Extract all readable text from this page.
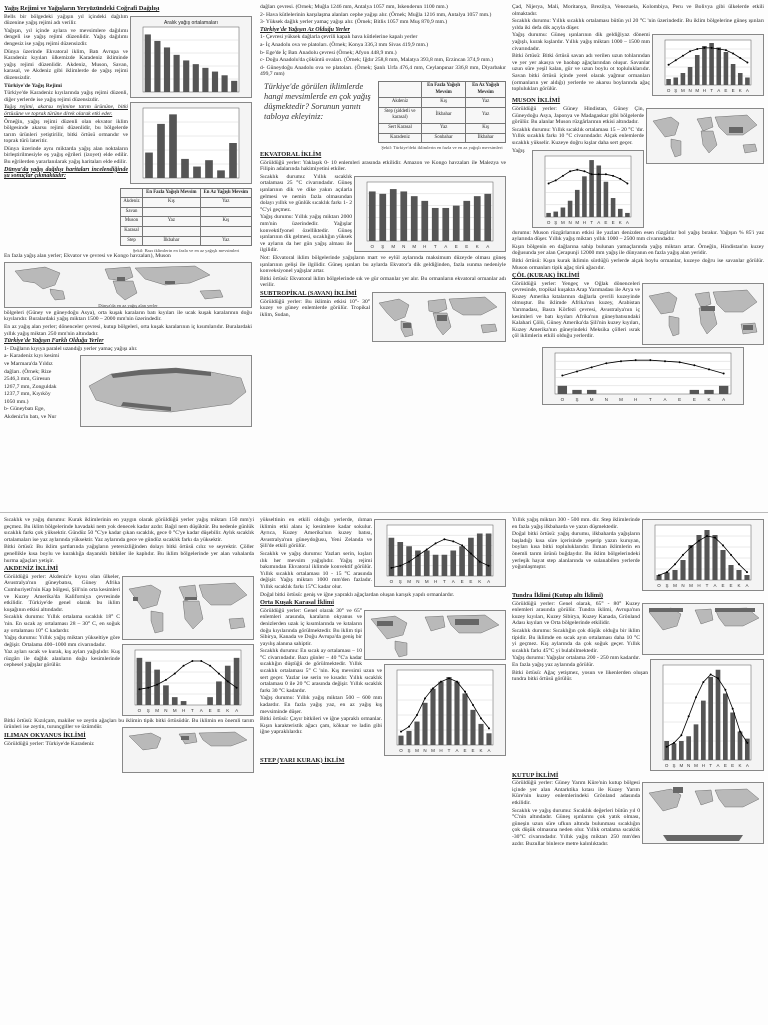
Yağış Rejimi ve Yağışların Yeryüzündeki Coğrafi Dağılışı
Aralık yağış ortalamaları

Bells bir bölgedeki yağışın yıl içindeki dağılım düzenine yağış rejimi adı verilir.

Yağışın, yıl içinde aylara ve mevsimlere dağılımı dengeli ise yağış rejimi düzenlidir. Yağış dağılımı dengesiz ise yağış rejimi düzensizdir.

Dünya üzerinde Ekvatoral iklim, Batı Avrupa ve Karadeniz kıyıları ülkemizde Karadeniz ikliminde yağış rejimi düzenlidir. Akdeniz, Muson, Savan, karasal, ve Akdeniz gibi iklimlerde de yağış rejimi düzensizdir.

Türkiye'de Yağış Rejimi

Türkiye'de Karadeniz kıyılarında yağış rejimi düzenli, diğer yerlerde ise yağış rejimi düzensizdir.

Yağış rejimi, akarsu rejimine tarım ürününe, bitki örtüsüne ve toprak türüne direk olarak etki eder.

Örneğin, yağış rejimi düzenli olan ekvator iklim bölgesinde akarsu rejimi düzenlidir, bu bölgelerde tarım ürünleri yetiştirilir, bitki örtüsü ormandır ve toprak türü lateritir.

	En Fazla Yağışlı Mevsim	En Az Yağışlı Mevsim
Akdeniz	Kış	Yaz
Savan		
Muson	Yaz	Kış
Karasal		
Step	İlkbahar	Yaz
Şekil: Bazı iklimlerin en fazla ve en az yağışlı mevsimleri

Dünya üzerinde aynı miktarda yağış alan noktaların birleştirilmesiyle eş yağış eğrileri (izoyet) elde edilir. Bu eğrilerden yararlanılarak yağış haritaları elde edilir.

Dünya'da yağış dağılışı haritaları incelendiğinde şu sonuçlar çıkmaktadır:

En fazla yağış alan yerler; Ekvator ve çevresi ve Kongo havzaları), Muson

Dünya'da en az yağış alan yerler

bölgeleri (Güney ve güneydoğu Asya), orta kuşak karaların batı kıyıları ile ucak kuşak karalarının doğu kıyılarıdır. Buralardaki yağış miktarı 1500 – 2000 mm'nin üzerindedir.

En az yağış alan yerler; dönenceler çevresi, kutup bölgeleri, orta kuşak karalarının iç kısımlarıdır. Buralardaki yıllık yağış miktarı 250 mm'nin altındadır.

Türkiye'de Yağışın Farklı Olduğu Yerler

1- Dağların kıyıya paralel uzandığı yerler yamaç yağışı alır.

a- Karadeniz kıyı kesimi

ve Marmara'da Yıldız

dağları. (Örnek; Rize

2546,3 mm, Giresun

1267,7 mm, Zonguldak

1237,7 mm, Kıyıköy

1050 mm.)

b- Güneybatı Ege,

Akdeniz'in batı, ve Nur

dağları çevresi. (Örnek; Muğla 1246 mm, Antalya 1057 mm, İskenderun 1100 mm.)

2- Hava kütlelerinin karşılaşma alanları cephe yağışı alır. (Örnek; Muğla 1216 mm, Antalya 1057 mm.)

3- Yüksek dağlık yerler yamaç yağışı alır. (Örnek; Bitlis 1057 mm Muş 870,9 mm.)

Türkiye'de Yağışın Az Olduğu Yerler

1- Çevresi yüksek dağlarla çevrili kapalı hava kütlelerine kapalı yerler

a- İç Anadolu ova ve platoları. (Örnek; Konya 336,3 mm Sivas 419,9 mm.)

b- Ege'de İç Batı Anadolu çevresi (Örnek; Afyon 448,9 mm.)

c- Doğu Anadolu'da çöküntü ovaları. (Örnek; Iğdır 258,8 mm, Malatya 393,8 mm, Erzincan 374,9 mm.)

d- Güneydoğu Anadolu ova ve platoları. (Örnek; Şanlı Urfa 476,4 mm, Ceylanpınar 336,8 mm, Diyarbakır 499,7 mm)

Türkiye'de görülen iklimlerde hangi mevsimlerde en çok yağış düşmektedir? Sorunun yanıtı tabloya ekleyiniz:
	En Fazla Yağışlı Mevsim	En Az Yağışlı Mevsim
Akdeniz	Kış	Yaz
Step (şiddetli ve karasal)	İlkbahar	Yaz
Sert Karasal	Yaz	Kış
Karadeniz	Sonbahar	İlkbahar
Şekil: Türkiye'deki iklimlerin en fazla ve en az yağışlı mevsimleri
EKVATORAL İKLİM

Görüldüğü yerler: Yaklaşık 0- 10 enlemleri arasında etkilidir. Amazon ve Kongo havzaları ile Malezya ve Filipin adalarında hakimiyetini etkiler.

O Ş M N M H T A E E K A

Sıcaklık durumu: Yıllık sıcaklık ortalaması 25 °C civarındadır. Güneş ışınlarının dik ve dike yakın açılarla gelmesi ve nemin fazla olmasından dolayı yıllık ve günlük sıcaklık farkı 1- 2 °C'yi geçmez.

Yağış durumu: Yıllık yağış miktarı 2000 mm'nin üzerindedir. Yağışlar konvektifyonel özelliktedir. Güneş ışınlarının dik gelmesi, sıcaklığın yüksek ve ayların da her gün yağış alması ile ilgilidir.

Not: Ekvatoral iklim bölgelerinde yağışların mart ve eylül aylarında maksimum düzeyde olması güneş ışınlarının gelişi ile ilgilidir. Güneş ışınları bu aylarda Ekvator'a dik geldiğinden, fazla ısınma nedeniyle konveksiyonel yağışlar artar.

Bitki örtüsü: Ekvatoral iklim bölgelerinde sık ve gür ormanlar yer alır. Bu ormanların ekvatoral ormanlar adı verilir.

SUBTROPİKAL (SAVAN) İKLİMİ

Görüldüğü yerler: Bu iklimin etkisi 10°- 30° kuzey ve güney enlemlerde görülür. Tropikal iklim, Sudan,

Çad, Nijerya, Mali, Moritanya, Brezilya, Venezuela, Kolombiya, Peru ve Bolivya gibi ülkelerde etkili olmaktadır.

Sıcaklık durumu: Yıllık sıcaklık ortalaması bütün yıl 20 °C 'nin üzerindedir. Bu iklim bölgelerine güneş ışınları yılda iki defa dik açıyla düşer.

O Ş M N M H T A E E K A

Yağış durumu: Güneş ışınlarının dik geldiğiyaz dönemi yağışlı, kurak kışlardır. Yıllık yağış miktarı 1000 – 1500 mm civarındadır.

Bitki örtüsü: Bitki örtüsü savan adı verilen uzun tohlarından ve yer yer akasya ve baobap ağaçlarından oluşur. Savanlar uzun süre yeşil kalan, gür ve uzun boylu ot topluluklarıdır. Savan bitki örtüsü içinde yerel olarak yağmur ormanları (ormanların yer aldığı) yerlerde ve akarsu boylarında ağaç toplulukları görülür.

MUSON İKLİMİ

Görüldüğü yerler: Güney Hindistan, Güney Çin, Güneydoğu Asya, Japonya ve Madagaskar gibi bölgelerde görülür. Bu alanlar Muson rüzgârlarının etkisi altındadır.

Sıcaklık durumu: Yıllık sıcaklık ortalaması 15 – 20 °C 'dır. Yıllık sıcaklık farkı 10 °C civarındadır. Alçak enlemlerde sıcaklık yükselir. Kuzeye doğru kışlar daha sert geçer.

O Ş M N M H T A E E K A

Yağış durumu: Muson rüzgârlarının etkisi ile yazları denizden esen rüzgârlar bol yağış bırakır. Yağışın % 85'i yaz aylarında düşer. Yıllık yağış miktarı yıllık 1000 – 2500 mm civarındadır.

Kışın bölgenin en dağlarına sahip bulunan yamaçlarında yağış miktarı artar. Örneğin, Hindistan'ın kuzey doğusunda yer alan Çerapunji 12000 mm yağış ile dünyanın en fazla yağış alan yeridir.

Bitki örtüsü: Kışın kurak iklimin sürdüğü yerlerde alçak boylu ormanlar, kuzeye doğru ise savanlar görülür. Muson ormanları tipik ağaç türü ağacıdır.

ÇÖL (KURAK) İKLİMİ

Görüldüğü yerler: Yengeç ve Oğlak dönenceleri çevresinde, tropikal kuşakta Arap Yarımadası ile Arya ve Kuzey Amerika kıtalarının dağlarla çevrili kuzeyinde olmuştur. Bu iklimde Afrika'nın kuzey, Arabistan Yarımadası, Basra Körfezi çevresi, Avustralya'nın iç kesimleri ve batı kıyıları Afrika'nın güneybatısındaki Kalahari Çölü, Güney Amerika'da Şili'nin kuzey kıyıları, Kuzey Amerika'nın güneyindeki Meksika çölleri ısrak çöl iklimlerin etkili olduğu yerlerdir.

O	Ş	M N M H	T	A	E	E	K	A

Sıcaklık ve yağış durumu: Kurak iklimlerinin en yaygın olarak görüldüğü yerler yağış miktarı 150 mm'yi geçmez. Bu iklim bölgelerinde havadaki nem yok denecek kadar azdır. Bağıl nem düşüktür. Bu nedenle günlük sıcaklık farkı çok yüksektir. Gündüz 50 °C'ye kadar çıkan sıcaklık, gece 0 °C'ye kadar düşebilir. Aylık sıcaklık ortalamaları ise yaz aylarında yüksektir. Yaz aylarında gece ve gündüz sıcaklık farkı da yüksektir.

Bitki örtüsü: Bu iklim şartlarında yağışların yetersizliğinden dolayı bitki örtüsü cılız ve seyrektir. Çöller genellikle kısa boylu ve kuraklığa dayanıklı bitkiler ile kaplıdır. Bu iklim bölgelerinde yer alan vahalarda hurma ağaçları yetişir.

AKDENİZ İKLİMİ

Görüldüğü yerler: Akdeniz'e kıyısı olan ülkeler, Avustralya'nın güneybatısı, Güney Afrika Cumhuriyeti'nin Kap bölgesi, Şili'nin orta kesimleri ve Kuzey Amerika'da Kaliforniya çevresinde etkilidir. Türkiye'de genel olarak bu iklim kuşağının etkisi altındadır.

Sıcaklık durumu: Yıllık ortalama sıcaklık 18° C 'nin. En sıcak ay ortalaması 28 – 30° C, en soğuk ay ortalaması 10° C kadardır.

O Ş M N M H T A E E K A

Yağış durumu: Yıllık yağış miktarı yükseltiye göre değişir. Ortalama 400–1000 mm civarındadır.

Yaz ayları sıcak ve kurak, kış ayları yağışlıdır. Kuş rüzgârı ile dağlık alanların doğu kesimlerinde cephesel yağışlar görülür.

Bitki örtüsü: Kızılçam, makiler ve zeytin ağaçları bu iklimin tipik bitki örtüsüdür. Bu iklimin en önemli tarım ürünleri ise zeytin, turunçgiller ve üzümdür.

ILIMAN OKYANUS İKLİMİ

Görüldüğü yerler: Türkiye'de Karadeniz

O Ş M N M H T A E E K A

yükseltinin en etkili olduğu yerlerde, ılıman iklimin etki alanı iç kesimlere kadar sokulur. Ayrıca, Kuzey Amerika'nın kuzey batısı, Avustralya'nın güneydoğusu, Yeni Zelanda ve Şili'de etkili görülür.

Sıcaklık ve yağış durumu: Yazları serin, kışları ılık her mevsim yağışlıdır. Yağış rejimi bakımından Ekvatoral iklimde konvektif görülür. Yıllık sıcaklık ortalaması 10 - 15 °C arasında değişir. Yağış miktarı 1000 mm'den fazladır. Yıllık sıcaklık farkı 15°C kadar olur.

Doğal bitki örtüsü: geniş ve iğne yapraklı ağaçlardan oluşan karışık yapılı ormanlardır.

Orta Kuşak Karasal İklimi

Görüldüğü yerler: Genel olarak 30° ve 65° enlemleri arasında, karaların okyanus ve denizlerden uzak iç kısımlarında ve kıtaların doğu kıyılarında görülmektedir. Bu iklim tipi Sibirya, Kanada ve Doğu Avrupa'da geniş bir yayılış alanına sahiptir.

O Ş M N M H T A E E K A

Sıcaklık durumu: En sıcak ay ortalaması – 10 °C civarındadır. Bazı günler – 40 °C'a kadar sıcaklığın düştüğü de görülmektedir. Yıllık sıcaklık ortalaması 5° C 'nin. Kış mevsimi uzun ve sert geçer. Yazlar ise serin ve kısadır. Yıllık sıcaklık ortalaması 0 ile 20 °C arasında değişir. Yıllık sıcaklık farkı 30 °C kadardır.

Yağış durumu: Yıllık yağış miktarı 500 – 600 mm kadardır. En fazla yağış yaz, en az yağış kış mevsiminde düşer.

Bitki örtüsü: Çayır bitkileri ve iğne yapraklı ormanlar. Kışın karakteristik ağacı çam, köknar ve ladin gibi iğne yapraklılardır.

STEP (YARI KURAK) İKLİM
O Ş M N M H T A E E K A

Yıllık yağış miktarı 300 - 500 mm. dir. Step iklimlerinde en fazla yağış ilkbaharda ve yazın düşmektedir.

Doğal bitki örtüsü: yağış durumu, ilkbaharda yağışların başladığı kısa süre içerisinde yeşerip yazın kuruyan, boyları kısa bitki topluluklarıdır. Ilıman iklimlerin en önemli tarım ürünü buğdaydır. Bu iklim bölgelerindeki yerleşik hayat step alanlarında ve sulanabilen yerlerde yoğunlaşmıştır.

Tundra İklimi (Kutup altı İklimi)

Görüldüğü yerler: Genel olarak, 65° - 80° Kuzey enlemleri arasında görülür. Tundra iklimi, Avrupa'nın kuzey kıyıları, Kuzey Sibirya, Kuzey Kanada, Grönland Adası kıyıları ve Orta bölgelerinde etkilidir.

O Ş M N M H T A E E K A

Sıcaklık durumu: Sıcaklığın çok düşük olduğu bir iklim tipidir. Bu iklimde en sıcak ayın ortalaması daha 10 °C yi geçmez. Kış aylarında da çok soğuk geçer. Yıllık sıcaklık farkı 45°C yi bulabilmektedir.

Yağış durumu: Yağışlar ortalama 200 - 250 mm kadardır. En fazla yağış yaz aylarında görülür.

Bitki örtüsü: Ağaç yetişmez, yosun ve likenlerden oluşan tundra bitki örtüsü görülür.

KUTUP İKLİMİ

Görüldüğü yerler: Güney Yarım Küre'nin kutup bölgesi içinde yer alan Antarktika kıtası ile Kuzey Yarım Küre'nin kuzey enlemlerindeki Grönland adasında etkilidir.

Sıcaklık ve yağış durumu: Sıcaklık değerleri bütün yıl 0 °C'nin altındadır. Güneş ışınlarını çok yatık olması, güneşin uzun süre ufkun altında bulunması sıcaklığın çok düşük olmasına neden olur. Yıllık ortalama sıcaklık -30°C civarındadır. Yıllık yağış miktarı 250 mm'den azdır. Buzullar binlerce metre kalınlıktadır.
